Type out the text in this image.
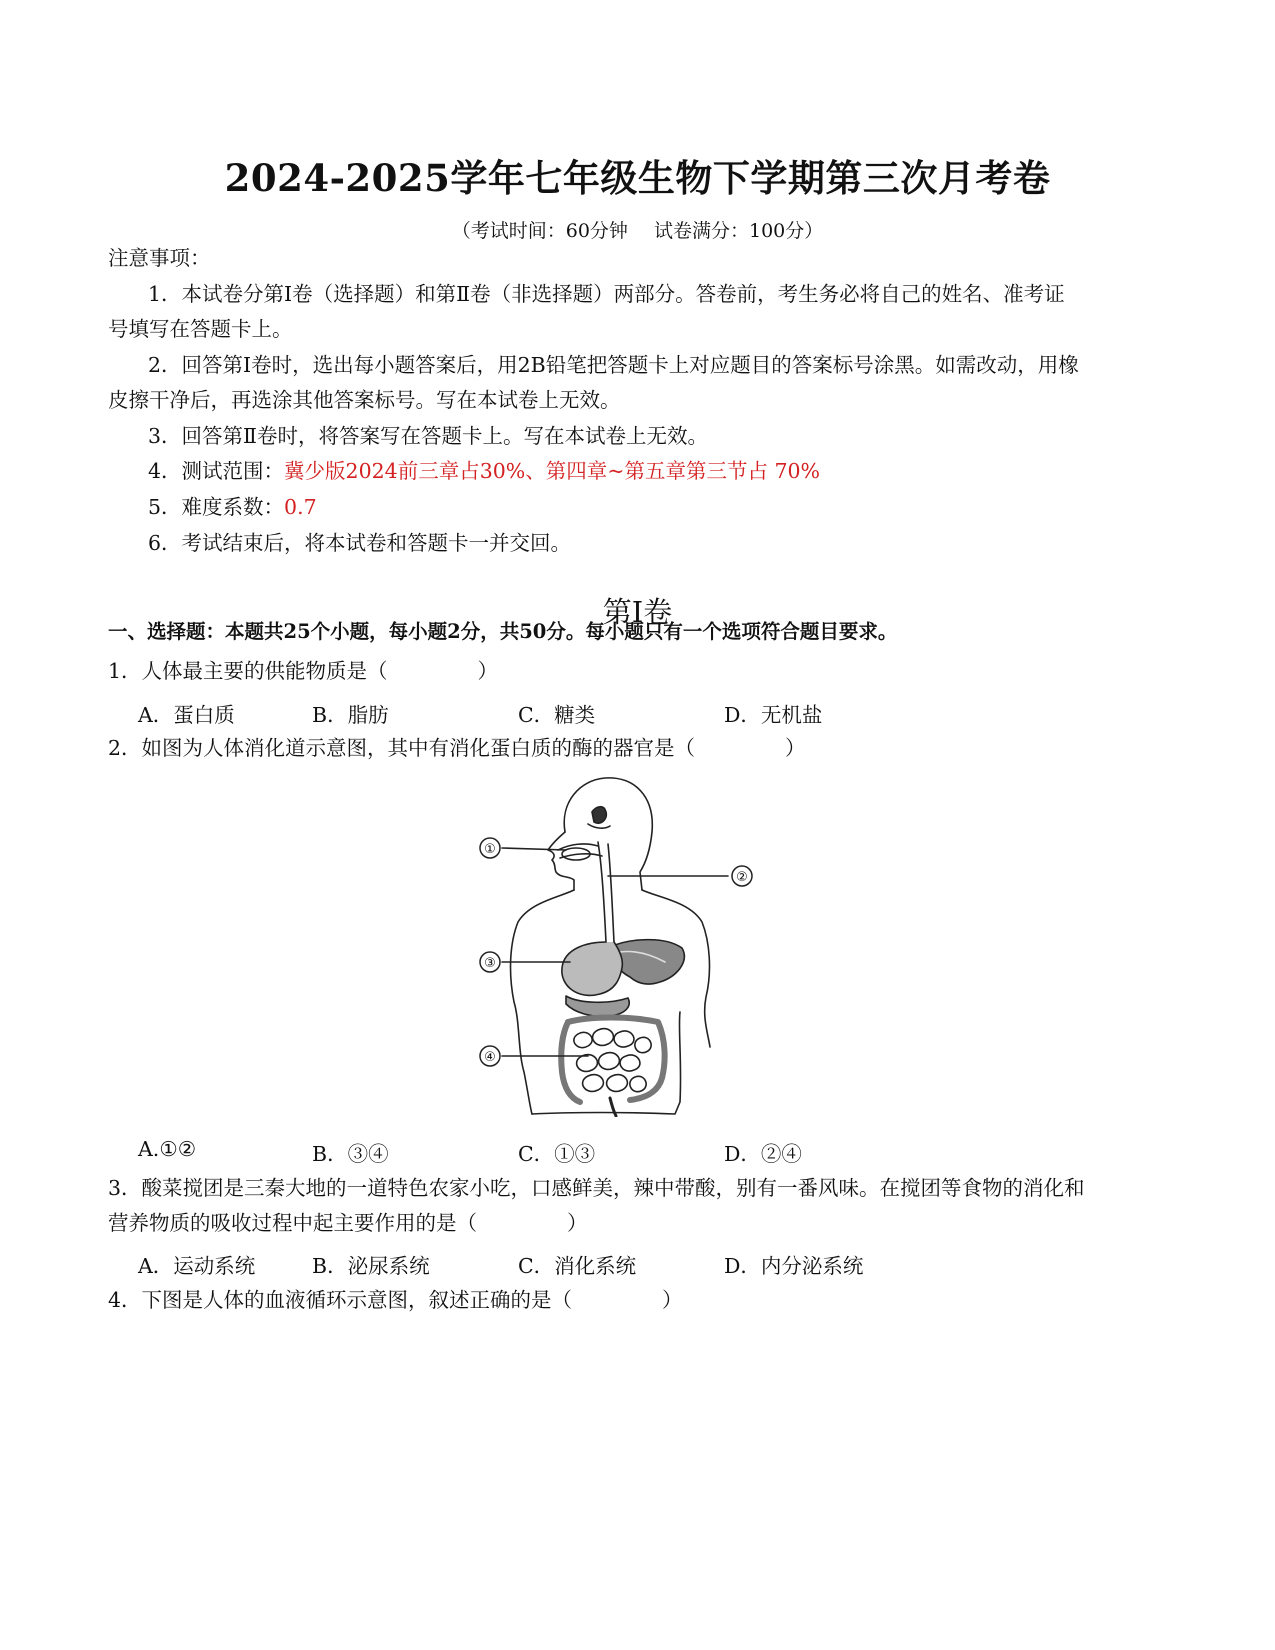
2024-2025学年七年级生物下学期第三次月考卷
（考试时间：60分钟 试卷满分：100分）
注意事项：
1．本试卷分第Ⅰ卷（选择题）和第Ⅱ卷（非选择题）两部分。答卷前，考生务必将自己的姓名、准考证
号填写在答题卡上。
2．回答第Ⅰ卷时，选出每小题答案后，用2B铅笔把答题卡上对应题目的答案标号涂黑。如需改动，用橡
皮擦干净后，再选涂其他答案标号。写在本试卷上无效。
3．回答第Ⅱ卷时，将答案写在答题卡上。写在本试卷上无效。
4．测试范围：冀少版2024前三章占30%、第四章~第五章第三节占 70%
5．难度系数：0.7
6．考试结束后，将本试卷和答题卡一并交回。
第Ⅰ卷
一、选择题：本题共25个小题，每小题2分，共50分。每小题只有一个选项符合题目要求。
1．人体最主要的供能物质是（	）
A．蛋白质	B．脂肪	C．糖类	D．无机盐
2．如图为人体消化道示意图，其中有消化蛋白质的酶的器官是（	）
①
②
③
④
A.①②	B．③④	C．①③	D．②④
3．酸菜搅团是三秦大地的一道特色农家小吃，口感鲜美，辣中带酸，别有一番风味。在搅团等食物的消化和
营养物质的吸收过程中起主要作用的是（	）
A．运动系统	B．泌尿系统	C．消化系统	D．内分泌系统
4．下图是人体的血液循环示意图，叙述正确的是（	）
